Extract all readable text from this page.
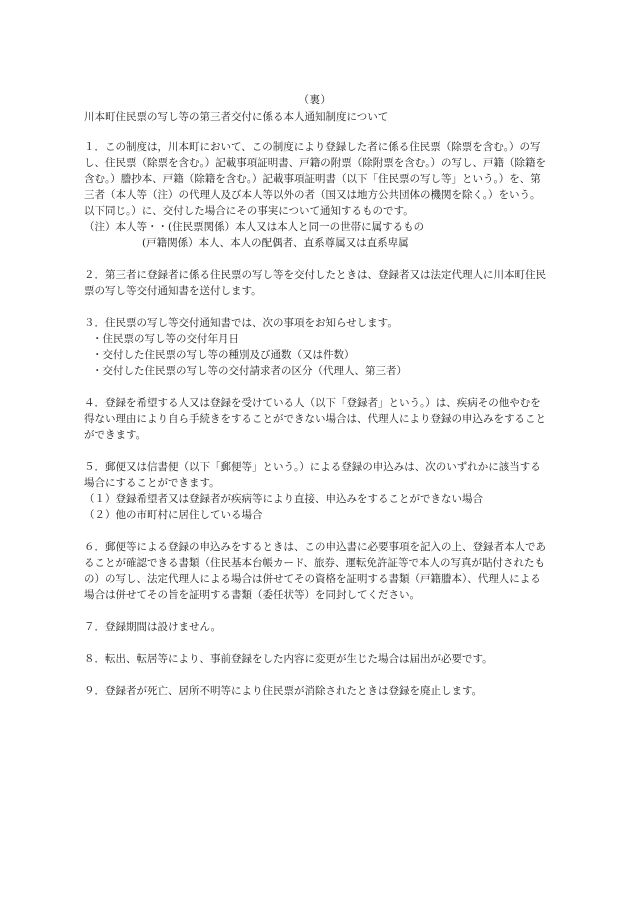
（裏）
川本町住民票の写し等の第三者交付に係る本人通知制度について

１．この制度は，川本町において、この制度により登録した者に係る住民票（除票を含む。）の写し、住民票（除票を含む。）記載事項証明書、戸籍の附票（除附票を含む。）の写し、戸籍（除籍を含む。）謄抄本、戸籍（除籍を含む。）記載事項証明書（以下「住民票の写し等」という。）を、第三者（本人等（注）の代理人及び本人等以外の者（国又は地方公共団体の機関を除く。）をいう。以下同じ。）に、交付した場合にその事実について通知するものです。

（注）本人等・・(住民票関係）本人又は本人と同一の世帯に属するもの

(戸籍関係）本人、本人の配偶者、直系尊属又は直系卑属

２．第三者に登録者に係る住民票の写し等を交付したときは、登録者又は法定代理人に川本町住民票の写し等交付通知書を送付します。

３．住民票の写し等交付通知書では、次の事項をお知らせします。

・住民票の写し等の交付年月日

・交付した住民票の写し等の種別及び通数（又は件数）

・交付した住民票の写し等の交付請求者の区分（代理人、第三者）

４．登録を希望する人又は登録を受けている人（以下「登録者」という。）は、疾病その他やむを得ない理由により自ら手続きをすることができない場合は、代理人により登録の申込みをすることができます。

５．郵便又は信書便（以下「郵便等」という。）による登録の申込みは、次のいずれかに該当する場合にすることができます。

（１）登録希望者又は登録者が疾病等により直接、申込みをすることができない場合

（２）他の市町村に居住している場合

６．郵便等による登録の申込みをするときは、この申込書に必要事項を記入の上、登録者本人であることが確認できる書類（住民基本台帳カード、旅券、運転免許証等で本人の写真が貼付されたもの）の写し、法定代理人による場合は併せてその資格を証明する書類（戸籍謄本）、代理人による場合は併せてその旨を証明する書類（委任状等）を同封してください。

７．登録期間は設けません。

８．転出、転居等により、事前登録をした内容に変更が生じた場合は届出が必要です。

９．登録者が死亡、居所不明等により住民票が消除されたときは登録を廃止します。
